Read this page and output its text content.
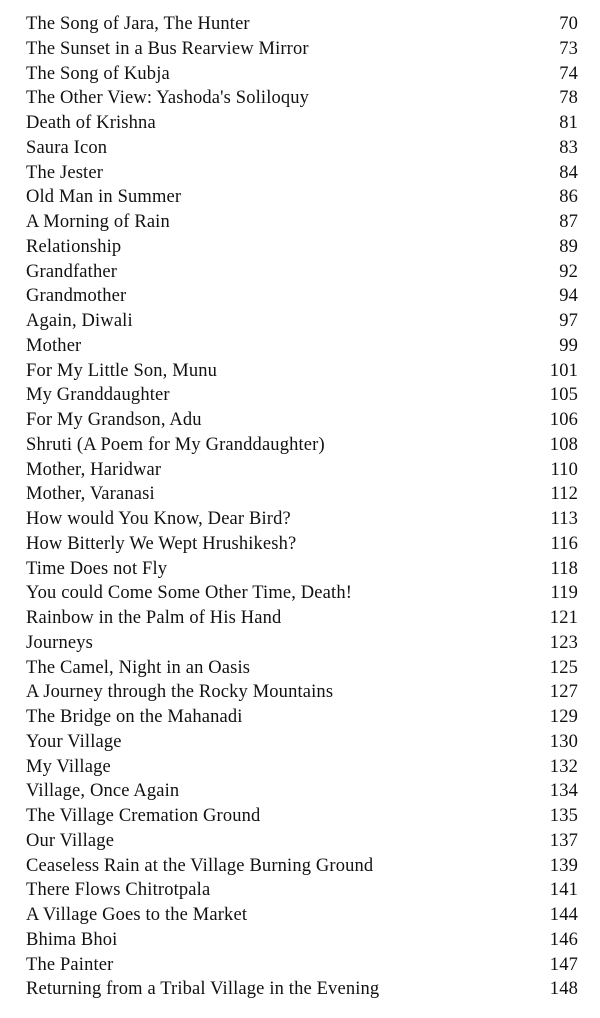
The Song of Jara, The Hunter	70
The Sunset in a Bus Rearview Mirror	73
The Song of Kubja	74
The Other View: Yashoda's Soliloquy	78
Death of Krishna	81
Saura Icon	83
The Jester	84
Old Man in Summer	86
A Morning of Rain	87
Relationship	89
Grandfather	92
Grandmother	94
Again, Diwali	97
Mother	99
For My Little Son, Munu	101
My Granddaughter	105
For My Grandson, Adu	106
Shruti (A Poem for My Granddaughter)	108
Mother, Haridwar	110
Mother, Varanasi	112
How would You Know, Dear Bird?	113
How Bitterly We Wept Hrushikesh?	116
Time Does not Fly	118
You could Come Some Other Time, Death!	119
Rainbow in the Palm of His Hand	121
Journeys	123
The Camel, Night in an Oasis	125
A Journey through the Rocky Mountains	127
The Bridge on the Mahanadi	129
Your Village	130
My Village	132
Village, Once Again	134
The Village Cremation Ground	135
Our Village	137
Ceaseless Rain at the Village Burning Ground	139
There Flows Chitrotpala	141
A Village Goes to the Market	144
Bhima Bhoi	146
The Painter	147
Returning from a Tribal Village in the Evening	148
